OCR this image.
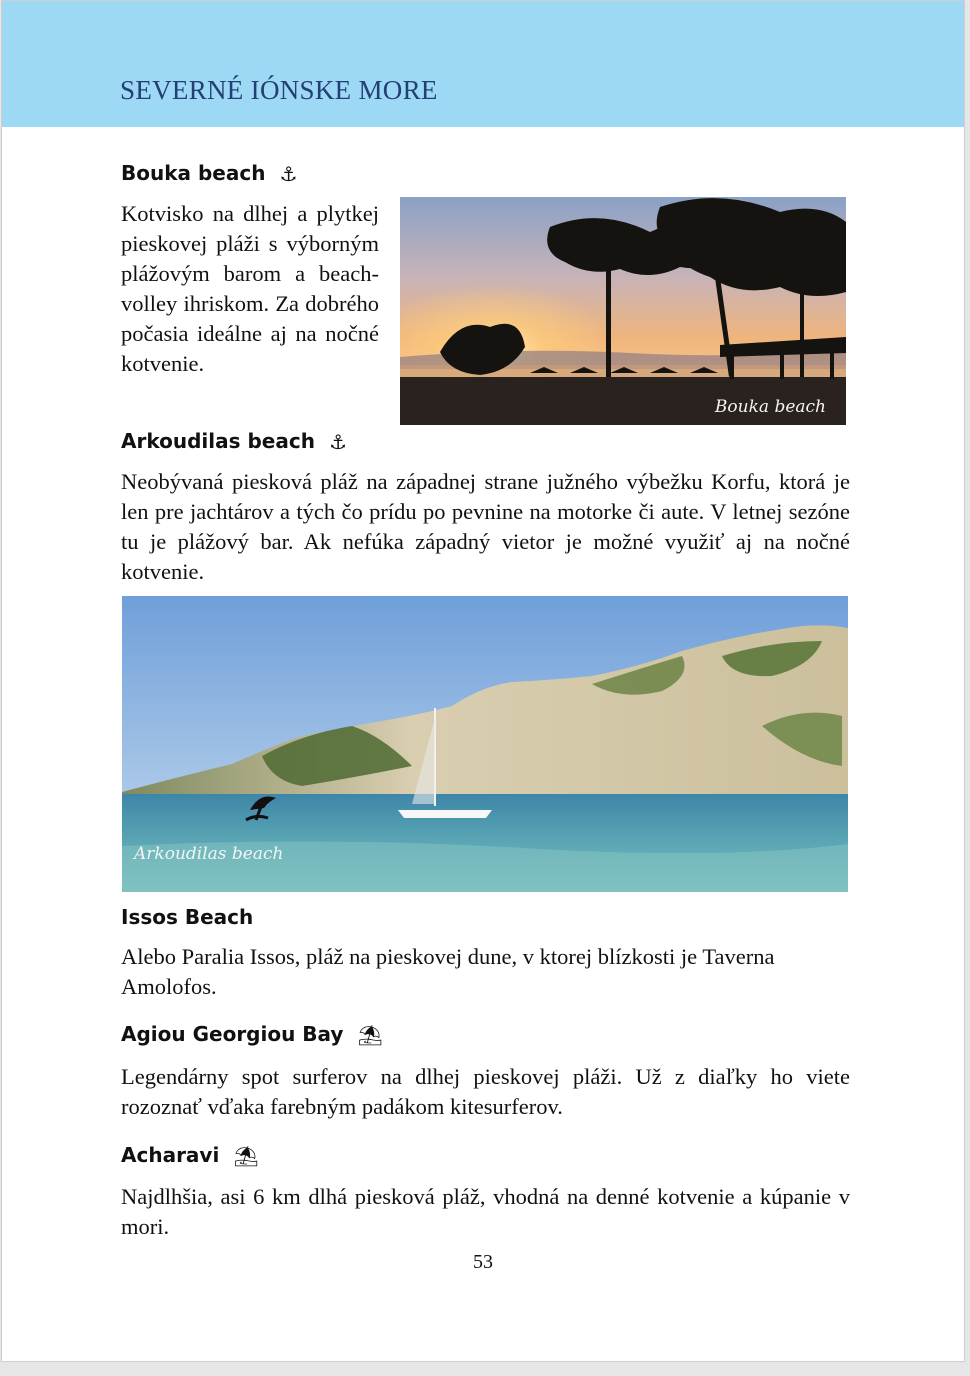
SEVERNÉ IÓNSKE MORE
Bouka beach ⚓

Kotvisko na dlhej a plytkej pieskovej pláži s výborným plážovým barom a beach-volley ihriskom. Za dobrého počasia ideálne aj na nočné kotvenie.

Bouka beach
Arkoudilas beach ⚓

Neobývaná piesková pláž na západnej strane južného výbežku Korfu, ktorá je len pre jachtárov a tých čo prídu po pevnine na motorke či aute. V letnej sezóne tu je plážový bar. Ak nefúka západný vietor je možné využiť aj na nočné kotvenie.

Arkoudilas beach
Issos Beach

Alebo Paralia Issos, pláž na pieskovej dune, v ktorej blízkosti je Taverna Amolofos.

Agiou Georgiou Bay ⛱

Legendárny spot surferov na dlhej pieskovej pláži. Už z diaľky ho viete rozoznať vďaka farebným padákom kitesurferov.

Acharavi ⛱

Najdlhšia, asi 6 km dlhá piesková pláž, vhodná na denné kotvenie a kúpanie v mori.

53
